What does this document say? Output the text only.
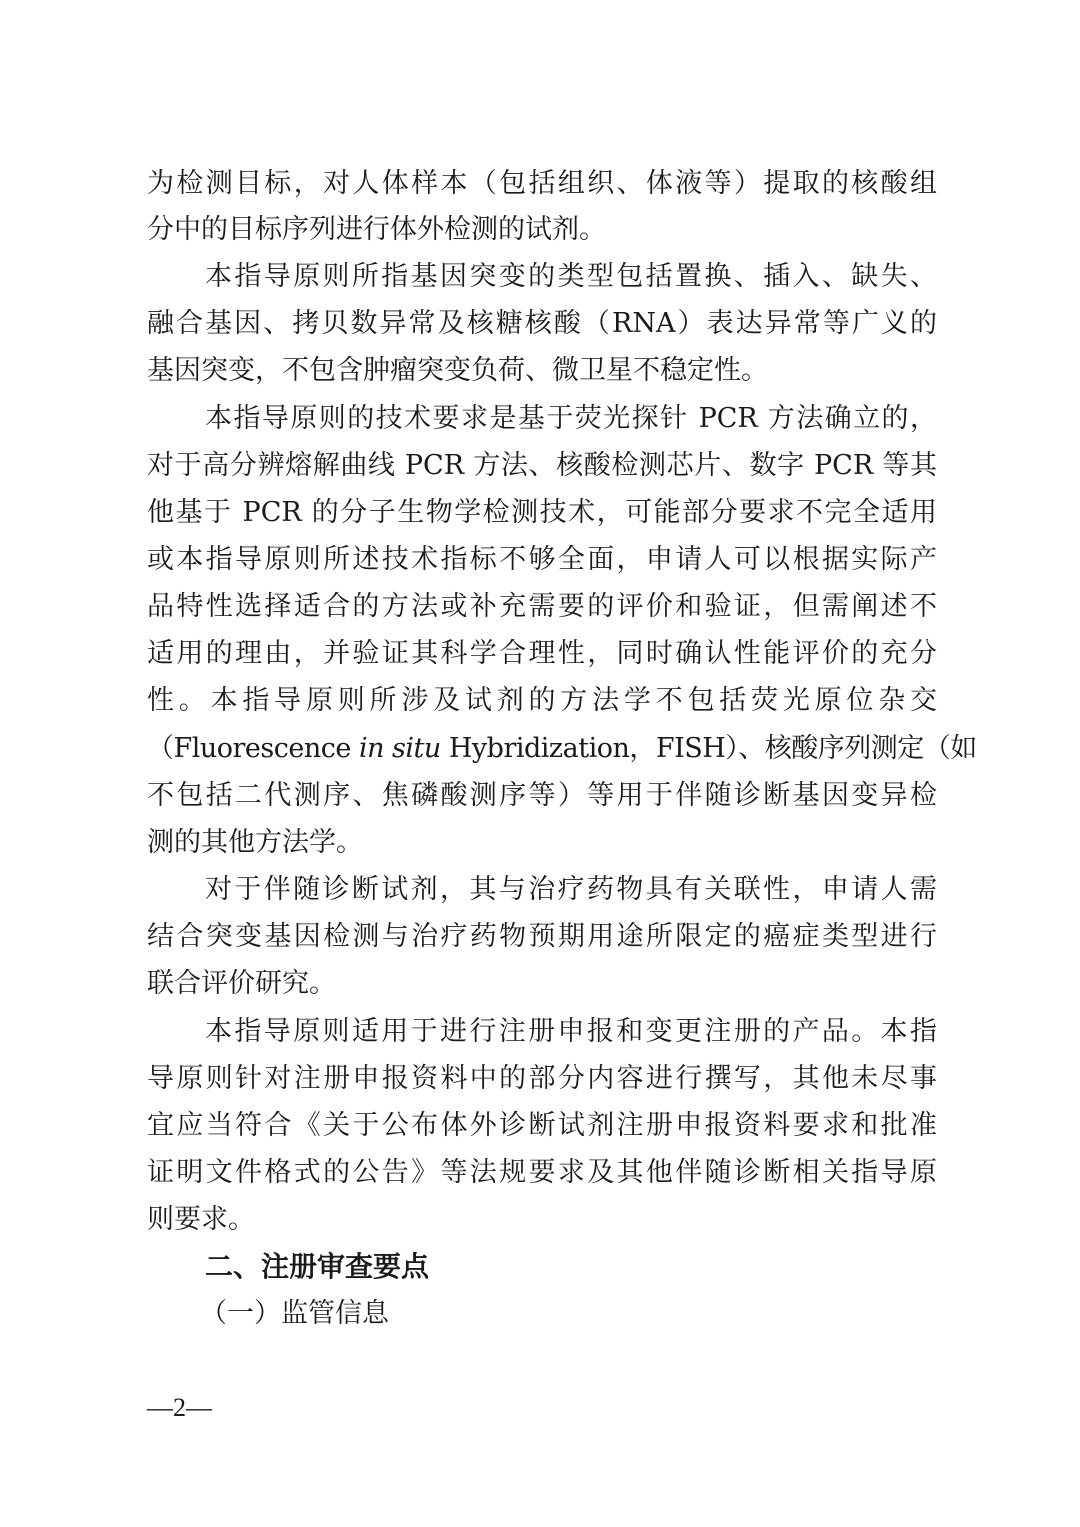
为检测目标，对人体样本（包括组织、体液等）提取的核酸组
分中的目标序列进行体外检测的试剂。
本指导原则所指基因突变的类型包括置换、插入、缺失、
融合基因、拷贝数异常及核糖核酸（RNA）表达异常等广义的
基因突变，不包含肿瘤突变负荷、微卫星不稳定性。
本指导原则的技术要求是基于荧光探针 PCR 方法确立的，
对于高分辨熔解曲线 PCR 方法、核酸检测芯片、数字 PCR 等其
他基于 PCR 的分子生物学检测技术，可能部分要求不完全适用
或本指导原则所述技术指标不够全面，申请人可以根据实际产
品特性选择适合的方法或补充需要的评价和验证，但需阐述不
适用的理由，并验证其科学合理性，同时确认性能评价的充分
性。本指导原则所涉及试剂的方法学不包括荧光原位杂交
（Fluorescence in situ Hybridization，FISH）、核酸序列测定（如
不包括二代测序、焦磷酸测序等）等用于伴随诊断基因变异检
测的其他方法学。
对于伴随诊断试剂，其与治疗药物具有关联性，申请人需
结合突变基因检测与治疗药物预期用途所限定的癌症类型进行
联合评价研究。
本指导原则适用于进行注册申报和变更注册的产品。本指
导原则针对注册申报资料中的部分内容进行撰写，其他未尽事
宜应当符合《关于公布体外诊断试剂注册申报资料要求和批准
证明文件格式的公告》等法规要求及其他伴随诊断相关指导原
则要求。
二、注册审查要点
（一）监管信息
—2—
